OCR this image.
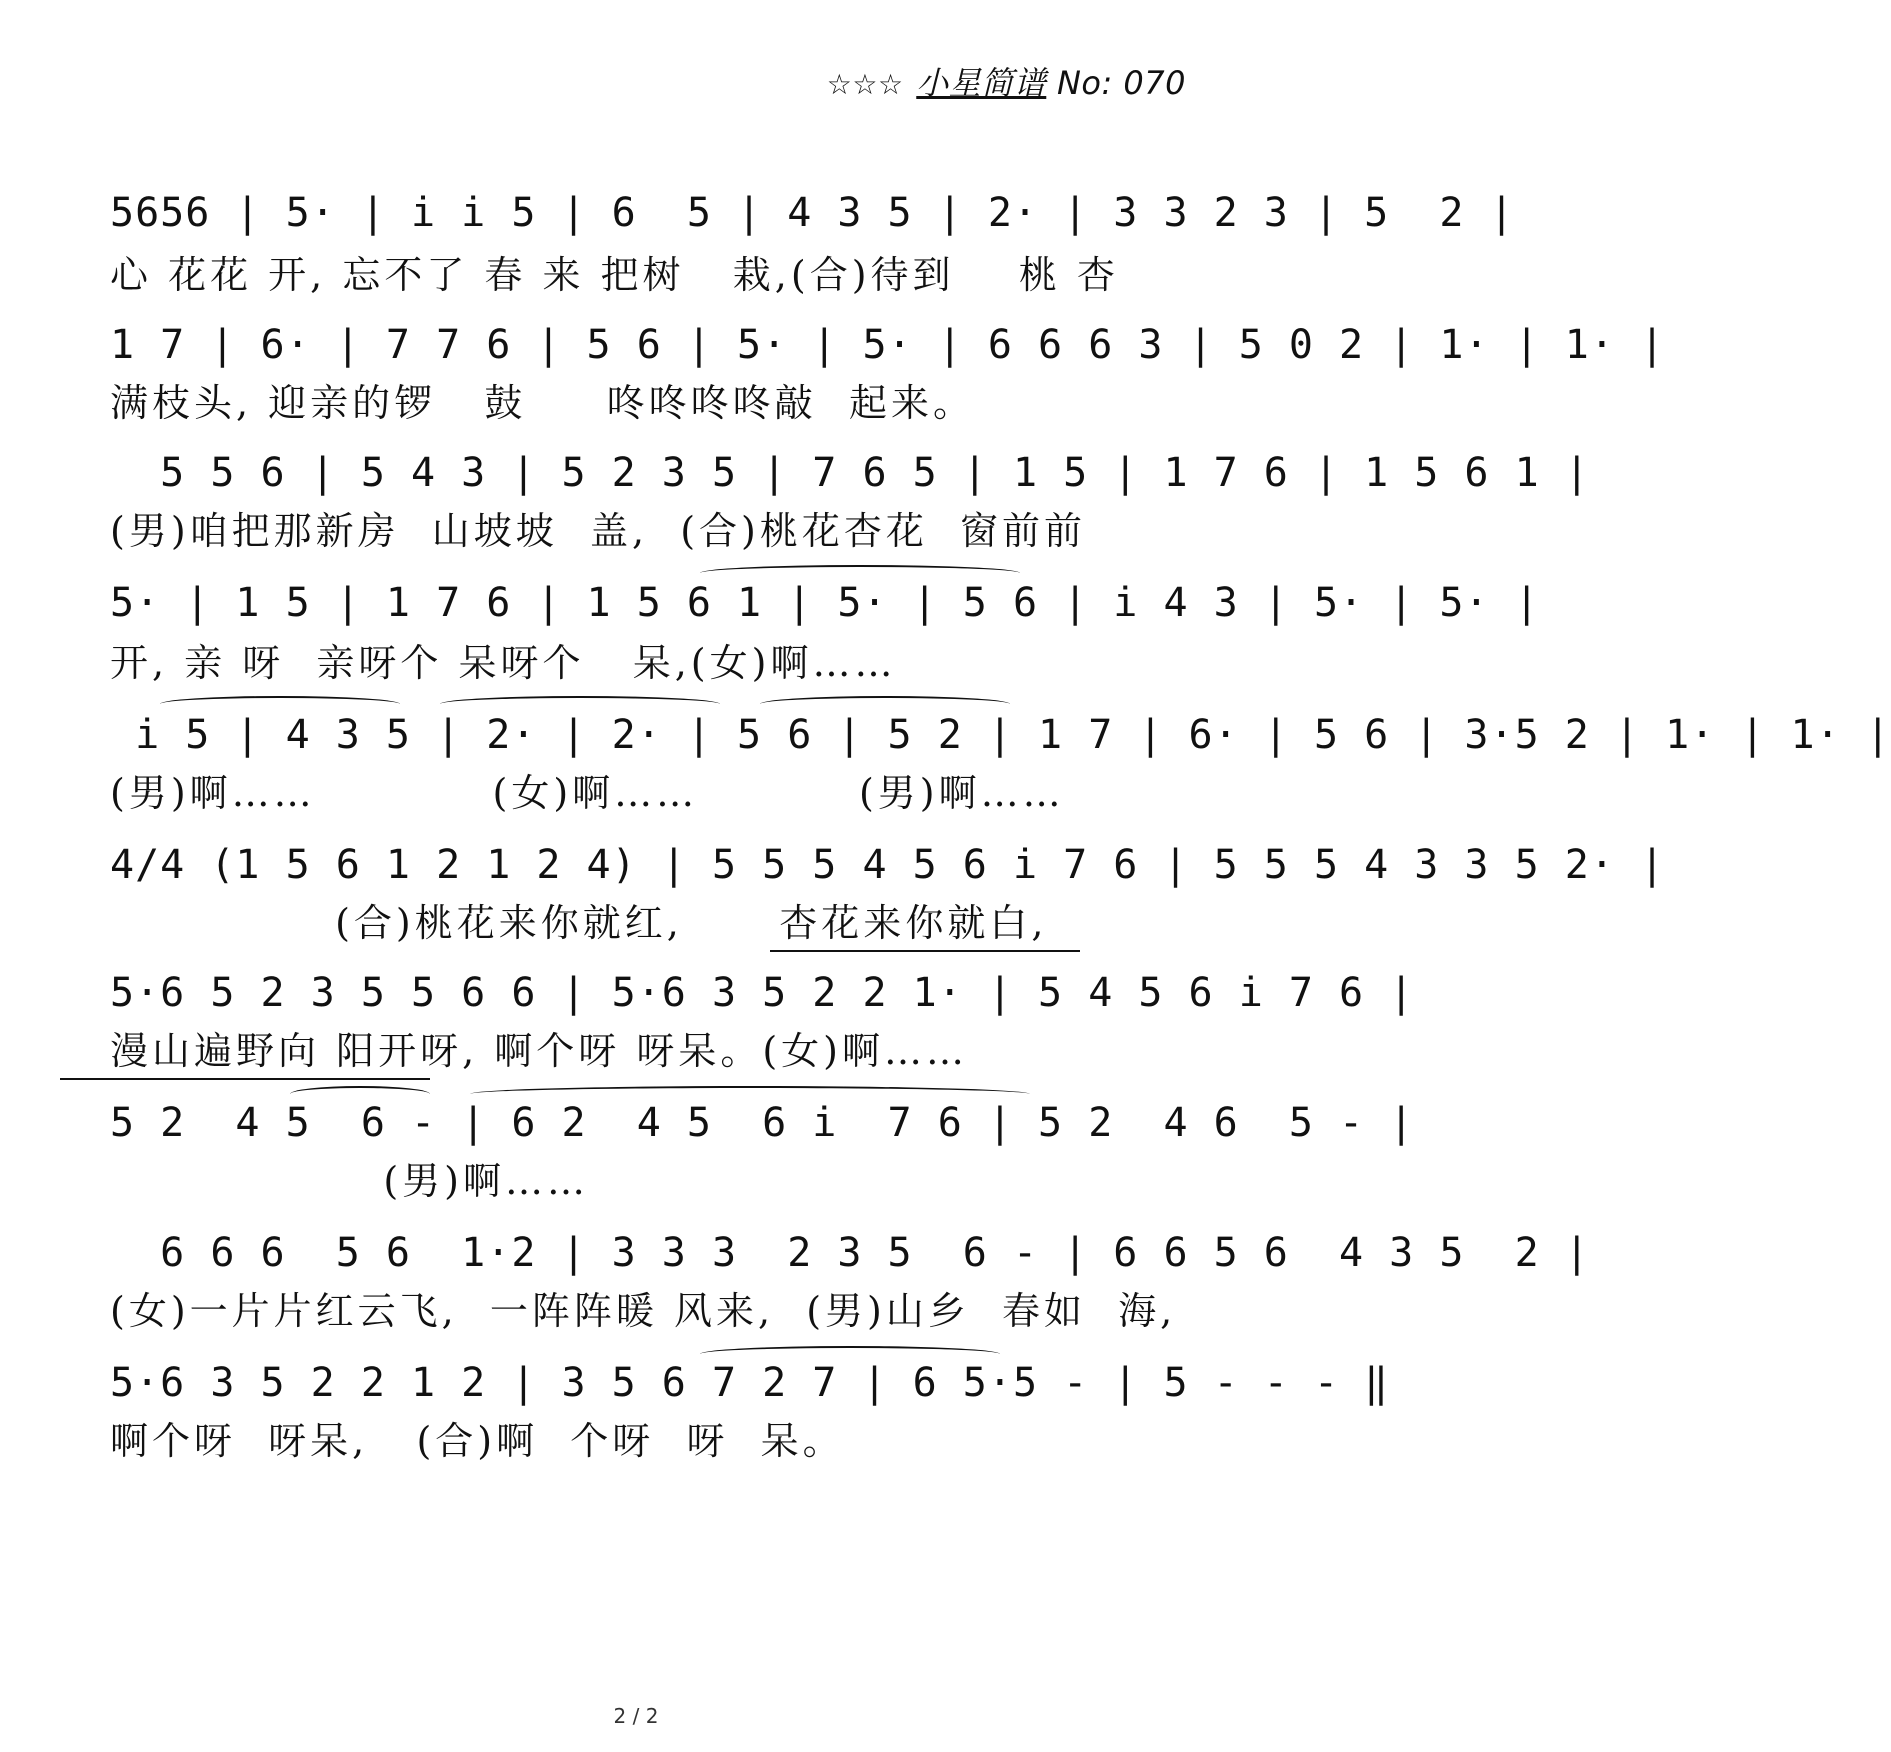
☆☆☆ 小星简谱 No: 070
5656 | 5· | i̇ i̇ 5 | 6  5 | 4 3 5 | 2· | 3 3 2 3 | 5  2 |
心 花花 开, 忘不了 春 来 把树   栽,(合)待到    桃 杏
1 7 | 6· | 7 7 6 | 5 6 | 5· | 5· | 6 6 6 3 | 5 0 2 | 1· | 1· |
满枝头, 迎亲的锣   鼓     咚咚咚咚敲  起来。
5 5 6 | 5 4 3 | 5 2 3 5 | 7 6 5 | 1 5 | 1 7 6 | 1 5 6 1 |
(男)咱把那新房  山坡坡  盖,  (合)桃花杏花  窗前前
5· | 1 5 | 1 7 6 | 1 5 6 1 | 5· | 5 6 | i̇ 4 3 | 5· | 5· |
开, 亲 呀  亲呀个 呆呀个   呆,(女)啊……
i̇ 5 | 4 3 5 | 2· | 2· | 5 6 | 5 2 | 1 7 | 6· | 5 6 | 3·5 2 | 1· | 1· |
(男)啊……           (女)啊……          (男)啊……
4/4 (1 5 6 1 2 1 2 4) | 5 5 5 4 5 6 i̇ 7 6 | 5 5 5 4 3 3 5 2· |
(合)桃花来你就红,      杏花来你就白,
5·6 5 2 3 5 5 6 6 | 5·6 3 5 2 2 1· | 5 4 5 6 i̇ 7 6 |
漫山遍野向 阳开呀, 啊个呀 呀呆。(女)啊……
5 2  4 5  6 - | 6 2  4 5  6 i̇  7 6 | 5 2  4 6  5 - |
(男)啊……
6 6 6  5 6  1·2 | 3 3 3  2 3 5  6 - | 6 6 5 6  4 3 5  2 |
(女)一片片红云飞,  一阵阵暖 风来,  (男)山乡  春如  海,
5·6 3 5 2 2 1 2 | 3 5 6 7 2 7 | 6 5·5 - | 5 - - - ‖
啊个呀  呀呆,   (合)啊  个呀  呀  呆。
2 / 2
